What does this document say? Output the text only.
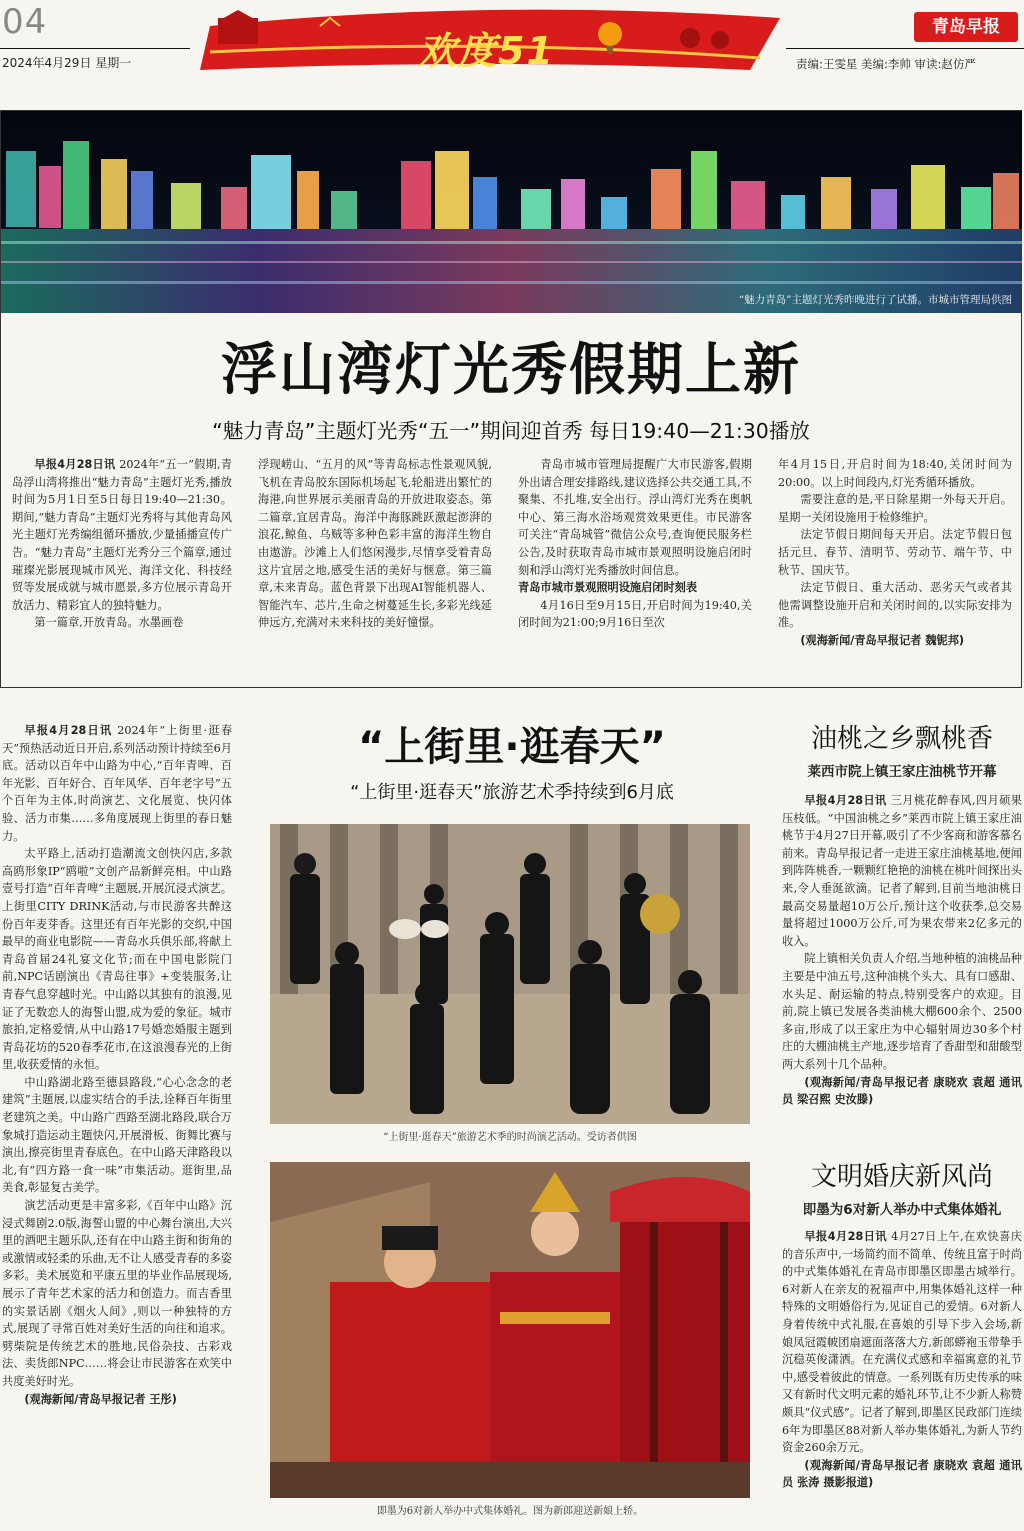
04
2024年4月29日 星期一	欢度51
青岛早报
责编:王雯星 美编:李帅 审读:赵仿严
“魅力青岛”主题灯光秀昨晚进行了试播。市城市管理局供图
浮山湾灯光秀假期上新
“魅力青岛”主题灯光秀“五一”期间迎首秀 每日19:40—21:30播放

早报4月28日讯 2024年“五一”假期,青岛浮山湾将推出“魅力青岛”主题灯光秀,播放时间为5月1日至5日每日19:40—21:30。期间,“魅力青岛”主题灯光秀将与其他青岛风光主题灯光秀编组循环播放,少量插播宣传广告。“魅力青岛”主题灯光秀分三个篇章,通过璀璨光影展现城市风光、海洋文化、科技经贸等发展成就与城市愿景,多方位展示青岛开放活力、精彩宜人的独特魅力。

第一篇章,开放青岛。水墨画卷

浮现崂山、“五月的风”等青岛标志性景观风貌,飞机在青岛胶东国际机场起飞,轮船进出繁忙的海港,向世界展示美丽青岛的开放进取姿态。第二篇章,宜居青岛。海洋中海豚跳跃激起澎湃的浪花,鲸鱼、乌贼等多种色彩丰富的海洋生物自由遨游。沙滩上人们悠闲漫步,尽情享受着青岛这片宜居之地,感受生活的美好与惬意。第三篇章,未来青岛。蓝色背景下出现AI智能机器人、智能汽车、芯片,生命之树蔓延生长,多彩光线延伸远方,充满对未来科技的美好憧憬。

青岛市城市管理局提醒广大市民游客,假期外出请合理安排路线,建议选择公共交通工具,不聚集、不扎堆,安全出行。浮山湾灯光秀在奥帆中心、第三海水浴场观赏效果更佳。市民游客可关注“青岛城管”微信公众号,查询便民服务栏公告,及时获取青岛市城市景观照明设施启闭时刻和浮山湾灯光秀播放时间信息。

青岛市城市景观照明设施启闭时刻表

4月16日至9月15日,开启时间为19:40,关闭时间为21:00;9月16日至次

年4月15日,开启时间为18:40,关闭时间为20:00。以上时间段内,灯光秀循环播放。

需要注意的是,平日除星期一外每天开启。星期一关闭设施用于检修维护。

法定节假日期间每天开启。法定节假日包括元旦、春节、清明节、劳动节、端午节、中秋节、国庆节。

法定节假日、重大活动、恶劣天气或者其他需调整设施开启和关闭时间的,以实际安排为准。

(观海新闻/青岛早报记者 魏铌邦)

早报4月28日讯 2024年“上街里·逛春天”预热活动近日开启,系列活动预计持续至6月底。活动以百年中山路为中心,“百年青啤、百年光影、百年好合、百年风华、百年老字号”五个百年为主体,时尚演艺、文化展览、快闪体验、活力市集……多角度展现上街里的春日魅力。

太平路上,活动打造潮流文创快闪店,多款高鸥形象IP“鸥啦”文创产品新鲜亮相。中山路壹号打造“百年青啤”主题展,开展沉浸式演艺。上街里CITY DRINK活动,与市民游客共醉这份百年麦芽香。这里还有百年光影的交织,中国最早的商业电影院——青岛水兵俱乐部,将献上青岛首届24礼宴文化节;而在中国电影院门前,NPC话剧演出《青岛往事》+变装服务,让青春气息穿越时光。中山路以其独有的浪漫,见证了无数恋人的海誓山盟,成为爱的象征。城市旅拍,定格爱情,从中山路17号婚恋婚服主题到青岛花坊的520春季花市,在这浪漫春光的上街里,收获爱情的永恒。

中山路湖北路至德县路段,“心心念念的老建筑”主题展,以虚实结合的手法,诠释百年街里老建筑之美。中山路广西路至湖北路段,联合万象城打造运动主题快闪,开展滑板、街舞比赛与演出,擦亮街里青春底色。在中山路天津路段以北,有“四方路一食一味”市集活动。逛街里,品美食,彰显复古美学。

演艺活动更是丰富多彩,《百年中山路》沉浸式舞剧2.0版,海誓山盟的中心舞台演出,大兴里的酒吧主题乐队,还有在中山路主街和街角的或激情或轻柔的乐曲,无不让人感受青春的多姿多彩。美术展览和平康五里的毕业作品展现场,展示了青年艺术家的活力和创造力。而吉香里的实景话剧《烟火人间》,则以一种独特的方式,展现了寻常百姓对美好生活的向往和追求。劈柴院是传统艺术的胜地,民俗杂技、古彩戏法、卖货郎NPC……将会让市民游客在欢笑中共度美好时光。

(观海新闻/青岛早报记者 王彤)

“上街里·逛春天”
“上街里·逛春天”旅游艺术季持续到6月底
“上街里·逛春天”旅游艺术季的时尚演艺活动。受访者供图
即墨为6对新人举办中式集体婚礼。图为新郎迎送新娘上轿。
油桃之乡飘桃香
莱西市院上镇王家庄油桃节开幕

早报4月28日讯 三月桃花醉春风,四月硕果压枝低。“中国油桃之乡”莱西市院上镇王家庄油桃节于4月27日开幕,吸引了不少客商和游客慕名前来。青岛早报记者一走进王家庄油桃基地,便闻到阵阵桃香,一颗颗红艳艳的油桃在桃叶间探出头来,令人垂涎欲滴。记者了解到,目前当地油桃日最高交易量超10万公斤,预计这个收获季,总交易量将超过1000万公斤,可为果农带来2亿多元的收入。

院上镇相关负责人介绍,当地种植的油桃品种主要是中油五号,这种油桃个头大、具有口感甜、水头足、耐运输的特点,特别受客户的欢迎。目前,院上镇已发展各类油桃大棚600余个、2500多亩,形成了以王家庄为中心辐射周边30多个村庄的大棚油桃主产地,逐步培育了香甜型和甜酸型两大系列十几个品种。

(观海新闻/青岛早报记者 康晓欢 袁超 通讯员 梁召熙 史汝滕)

文明婚庆新风尚
即墨为6对新人举办中式集体婚礼

早报4月28日讯 4月27日上午,在欢快喜庆的音乐声中,一场简约而不简单、传统且富于时尚的中式集体婚礼在青岛市即墨区即墨古城举行。6对新人在亲友的祝福声中,用集体婚礼这样一种特殊的文明婚俗行为,见证自己的爱情。6对新人身着传统中式礼服,在喜娘的引导下步入会场,新娘凤冠霞帔团扇遮面落落大方,新郎蟒袍玉带挚手沉稳英俊潇洒。在充满仪式感和幸福寓意的礼节中,感受着彼此的情意。一系列既有历史传承的味又有新时代文明元素的婚礼环节,让不少新人称赞颇具“仪式感”。记者了解到,即墨区民政部门连续6年为即墨区88对新人举办集体婚礼,为新人节约资金260余万元。

(观海新闻/青岛早报记者 康晓欢 袁超 通讯员 张涛 摄影报道)
